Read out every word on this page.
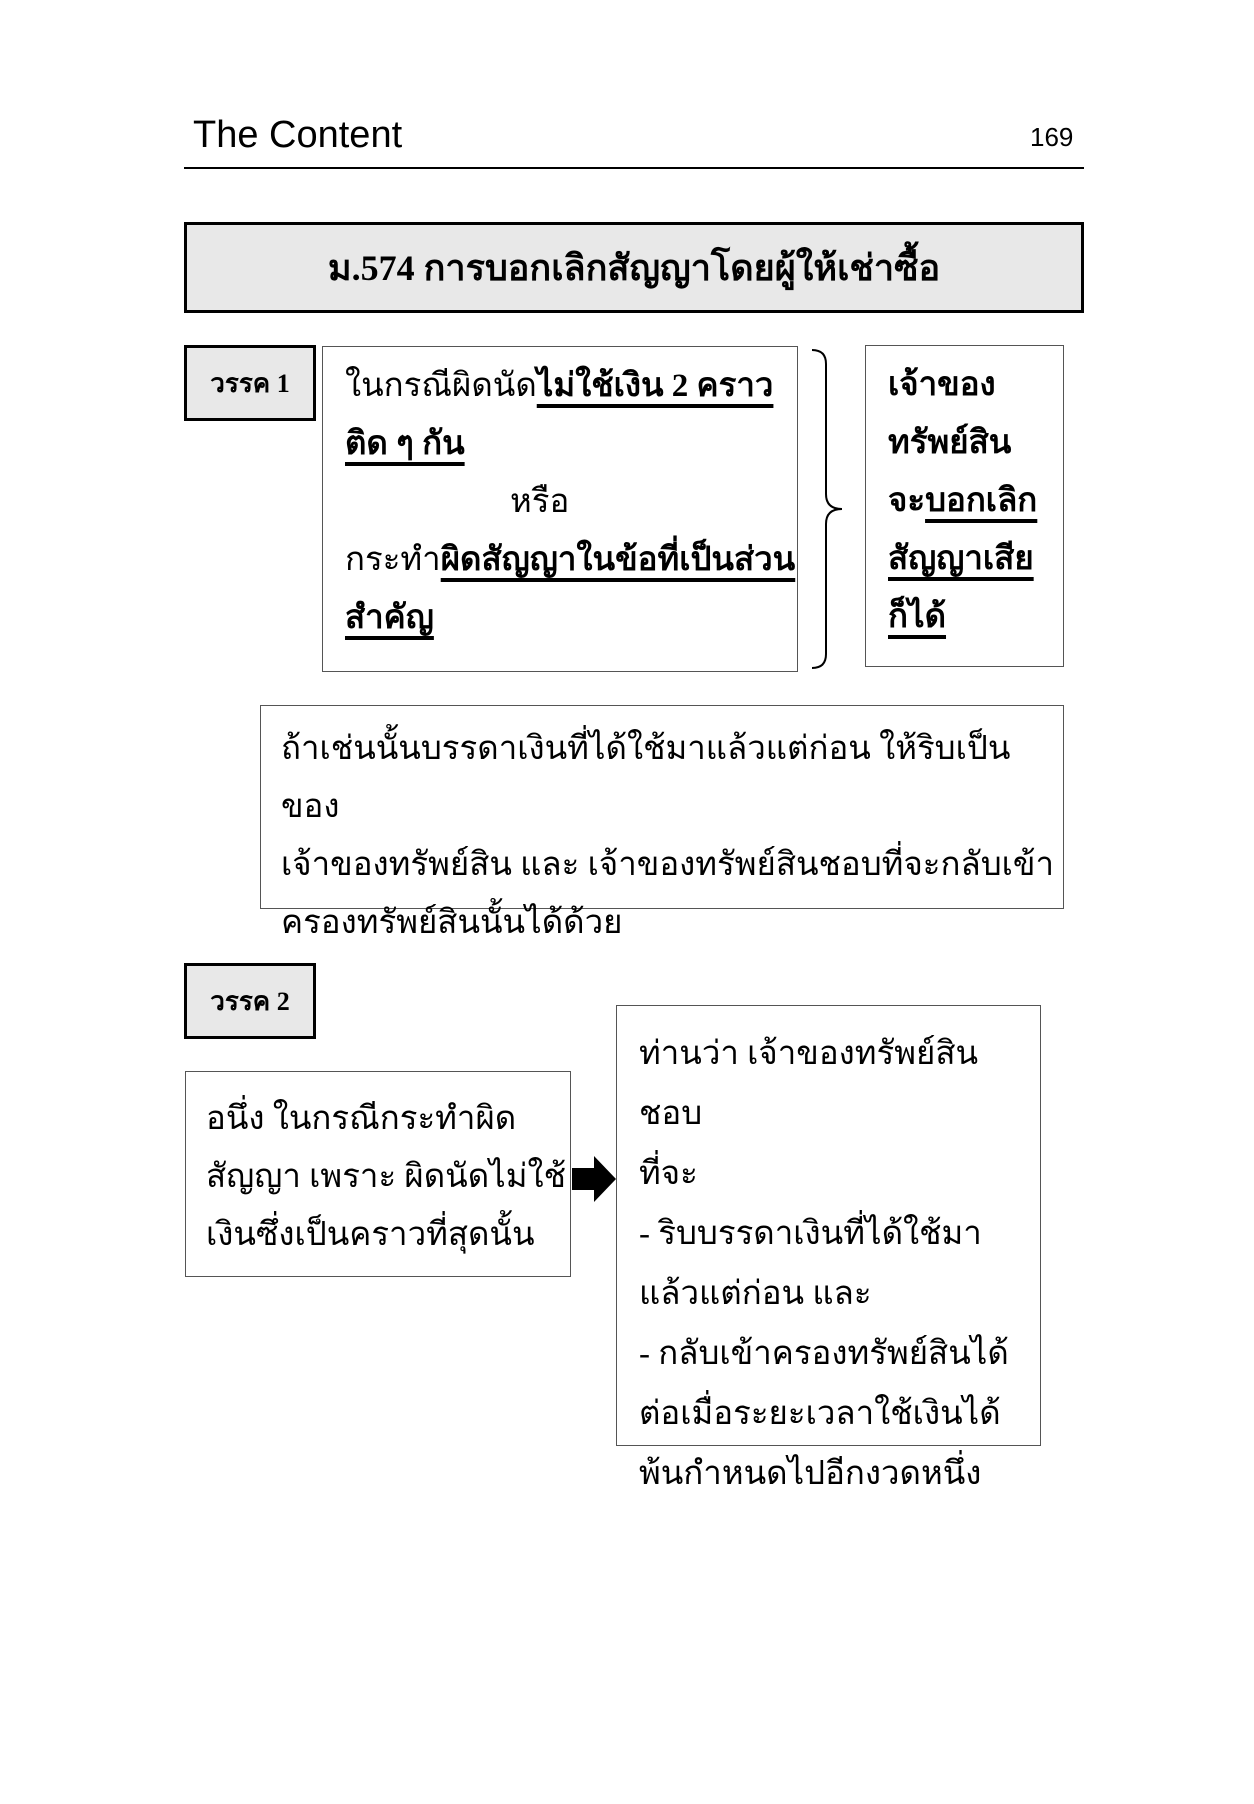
The Content	169
ม.574 การบอกเลิกสัญญาโดยผู้ให้เช่าซื้อ
วรรค 1	ในกรณีผิดนัดไม่ใช้เงิน 2 คราว
ติด ๆ กัน
หรือ
กระทำผิดสัญญาในข้อที่เป็นส่วน
สำคัญ
เจ้าของ
ทรัพย์สิน
จะบอกเลิก
สัญญาเสีย
ก็ได้
ถ้าเช่นนั้นบรรดาเงินที่ได้ใช้มาแล้วแต่ก่อน ให้ริบเป็นของ
เจ้าของทรัพย์สิน และ เจ้าของทรัพย์สินชอบที่จะกลับเข้า
ครองทรัพย์สินนั้นได้ด้วย
วรรค 2
อนึ่ง ในกรณีกระทำผิด
สัญญา เพราะ ผิดนัดไม่ใช้
เงินซึ่งเป็นคราวที่สุดนั้น
ท่านว่า เจ้าของทรัพย์สินชอบ
ที่จะ
- ริบบรรดาเงินที่ได้ใช้มา
แล้วแต่ก่อน และ
- กลับเข้าครองทรัพย์สินได้
ต่อเมื่อระยะเวลาใช้เงินได้
พ้นกำหนดไปอีกงวดหนึ่ง
